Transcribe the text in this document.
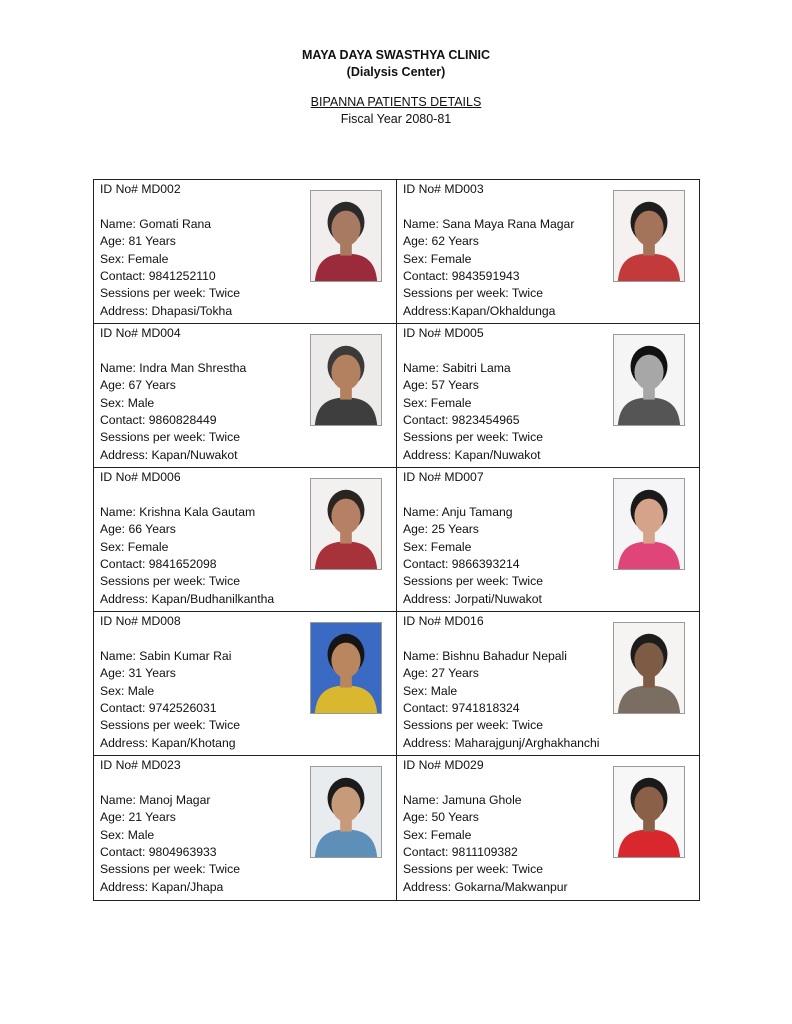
MAYA DAYA SWASTHYA CLINIC
(Dialysis Center)
BIPANNA PATIENTS DETAILS
Fiscal Year 2080-81
ID No# MD002
Name: Gomati Rana
Age: 81 Years
Sex: Female
Contact: 9841252110
Sessions per week: Twice
Address: Dhapasi/Tokha
ID No# MD003
Name: Sana Maya Rana Magar
Age: 62 Years
Sex: Female
Contact: 9843591943
Sessions per week: Twice
Address:Kapan/Okhaldunga
ID No# MD004
Name: Indra Man Shrestha
Age: 67 Years
Sex: Male
Contact: 9860828449
Sessions per week: Twice
Address: Kapan/Nuwakot
ID No# MD005
Name: Sabitri Lama
Age: 57 Years
Sex: Female
Contact: 9823454965
Sessions per week: Twice
Address: Kapan/Nuwakot
ID No# MD006
Name: Krishna Kala Gautam
Age: 66 Years
Sex: Female
Contact: 9841652098
Sessions per week: Twice
Address: Kapan/Budhanilkantha
ID No# MD007
Name: Anju Tamang
Age: 25 Years
Sex: Female
Contact: 9866393214
Sessions per week: Twice
Address: Jorpati/Nuwakot
ID No# MD008
Name: Sabin Kumar Rai
Age: 31 Years
Sex: Male
Contact: 9742526031
Sessions per week: Twice
Address: Kapan/Khotang
ID No# MD016
Name: Bishnu Bahadur Nepali
Age: 27 Years
Sex: Male
Contact: 9741818324
Sessions per week: Twice
Address: Maharajgunj/Arghakhanchi
ID No# MD023
Name: Manoj Magar
Age: 21 Years
Sex: Male
Contact: 9804963933
Sessions per week: Twice
Address: Kapan/Jhapa
ID No# MD029
Name: Jamuna Ghole
Age: 50 Years
Sex: Female
Contact: 9811109382
Sessions per week: Twice
Address: Gokarna/Makwanpur
